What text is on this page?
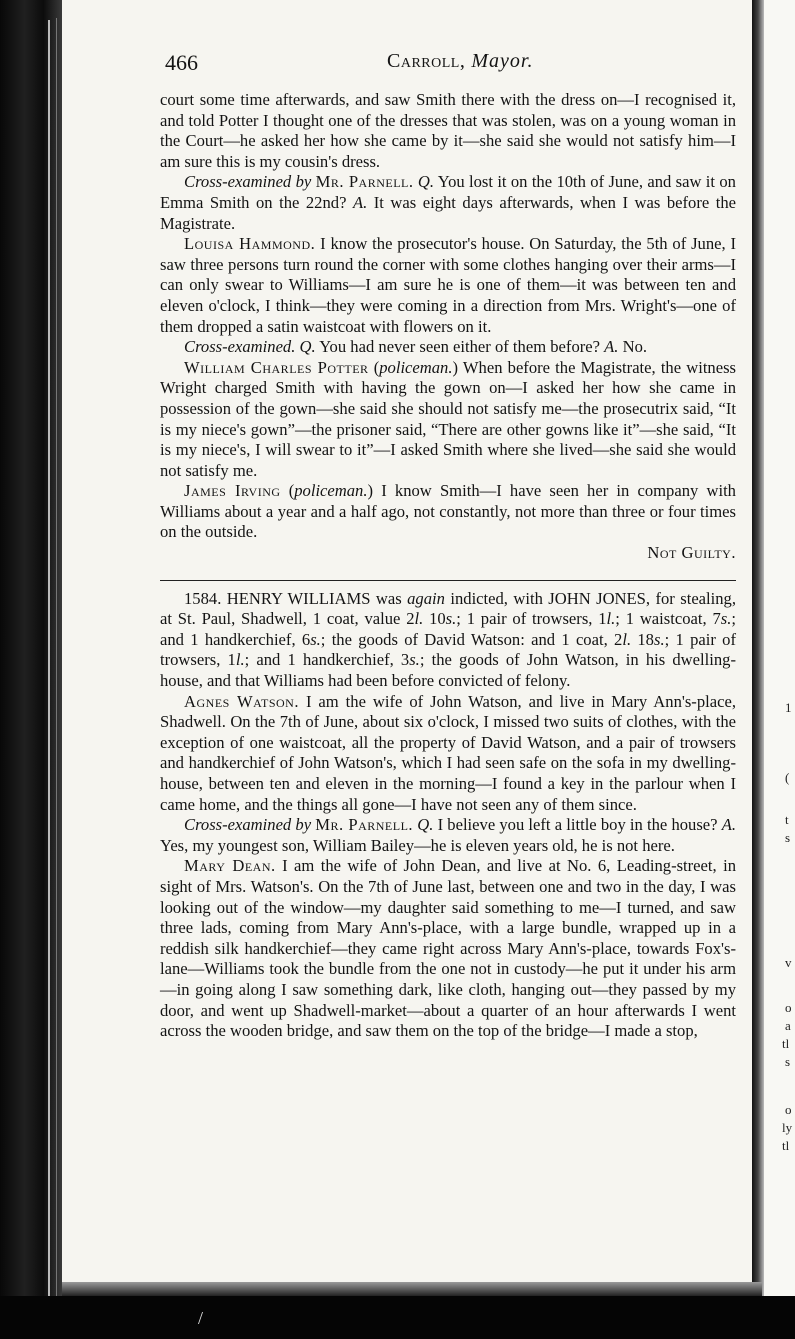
/
1
(
t
s
v
o
a
tl
s
o
ly
tl
466	Carroll, Mayor.

court some time afterwards, and saw Smith there with the dress on—I recognised it, and told Potter I thought one of the dresses that was stolen, was on a young woman in the Court—he asked her how she came by it—she said she would not satisfy him—I am sure this is my cousin's dress.

Cross-examined by Mr. Parnell. Q. You lost it on the 10th of June, and saw it on Emma Smith on the 22nd? A. It was eight days afterwards, when I was before the Magistrate.

Louisa Hammond. I know the prosecutor's house. On Saturday, the 5th of June, I saw three persons turn round the corner with some clothes hanging over their arms—I can only swear to Williams—I am sure he is one of them—it was between ten and eleven o'clock, I think—they were coming in a direction from Mrs. Wright's—one of them dropped a satin waistcoat with flowers on it.

Cross-examined. Q. You had never seen either of them before? A. No.

William Charles Potter (policeman.) When before the Magistrate, the witness Wright charged Smith with having the gown on—I asked her how she came in possession of the gown—she said she should not satisfy me—the prosecutrix said, “It is my niece's gown”—the prisoner said, “There are other gowns like it”—she said, “It is my niece's, I will swear to it”—I asked Smith where she lived—she said she would not satisfy me.

James Irving (policeman.) I know Smith—I have seen her in company with Williams about a year and a half ago, not constantly, not more than three or four times on the outside.

Not Guilty.

1584. HENRY WILLIAMS was again indicted, with JOHN JONES, for stealing, at St. Paul, Shadwell, 1 coat, value 2l. 10s.; 1 pair of trowsers, 1l.; 1 waistcoat, 7s.; and 1 handkerchief, 6s.; the goods of David Watson: and 1 coat, 2l. 18s.; 1 pair of trowsers, 1l.; and 1 handkerchief, 3s.; the goods of John Watson, in his dwelling-house, and that Williams had been before convicted of felony.

Agnes Watson. I am the wife of John Watson, and live in Mary Ann's-place, Shadwell. On the 7th of June, about six o'clock, I missed two suits of clothes, with the exception of one waistcoat, all the property of David Watson, and a pair of trowsers and handkerchief of John Watson's, which I had seen safe on the sofa in my dwelling-house, between ten and eleven in the morning—I found a key in the parlour when I came home, and the things all gone—I have not seen any of them since.

Cross-examined by Mr. Parnell. Q. I believe you left a little boy in the house? A. Yes, my youngest son, William Bailey—he is eleven years old, he is not here.

Mary Dean. I am the wife of John Dean, and live at No. 6, Leading-street, in sight of Mrs. Watson's. On the 7th of June last, between one and two in the day, I was looking out of the window—my daughter said something to me—I turned, and saw three lads, coming from Mary Ann's-place, with a large bundle, wrapped up in a reddish silk handkerchief—they came right across Mary Ann's-place, towards Fox's-lane—Williams took the bundle from the one not in custody—he put it under his arm—in going along I saw something dark, like cloth, hanging out—they passed by my door, and went up Shadwell-market—about a quarter of an hour afterwards I went across the wooden bridge, and saw them on the top of the bridge—I made a stop,
